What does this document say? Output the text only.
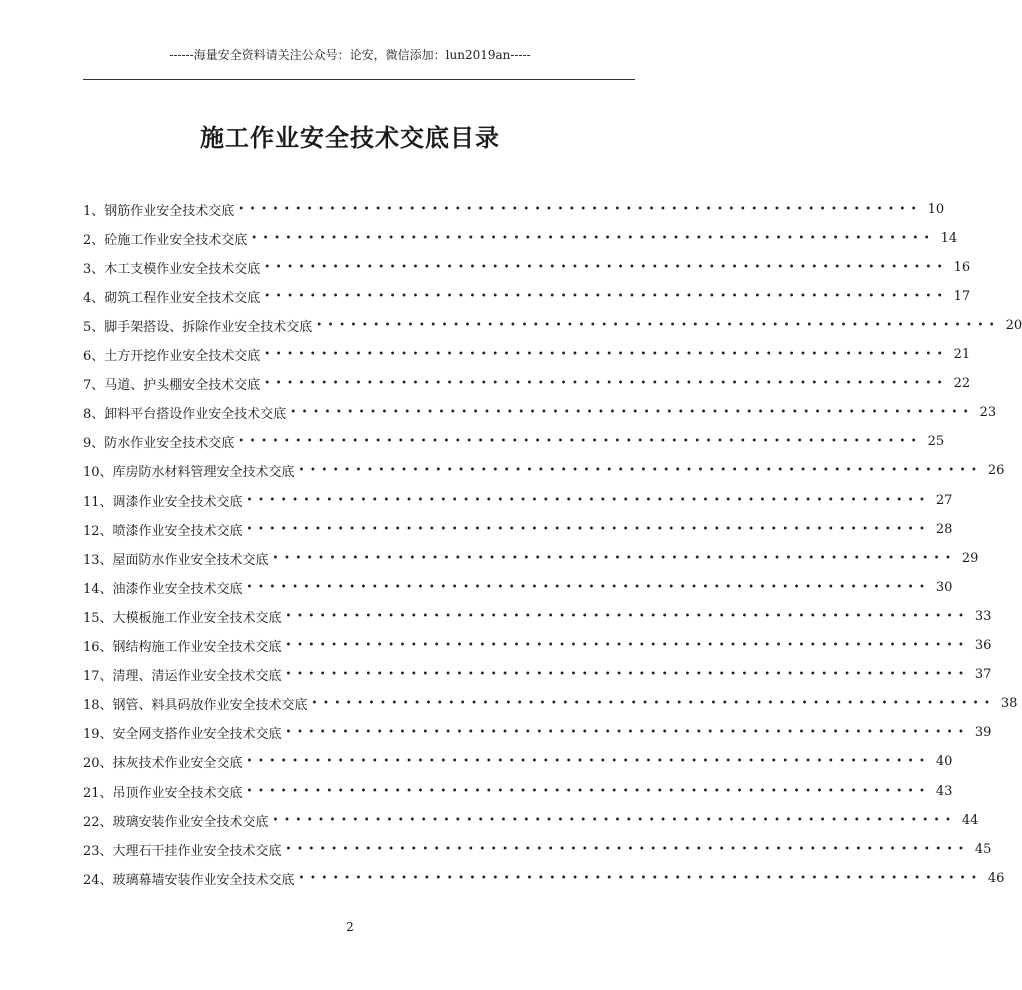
------海量安全资料请关注公众号：论安，微信添加：lun2019an-----
施工作业安全技术交底目录
1、钢筋作业安全技术交底 •••••••••••••••••••••••••••••••••••••••••••••••••••••••••••• 10
2、砼施工作业安全技术交底 •••••••••••••••••••••••••••••••••••••••••••••••••••••••••••• 14
3、木工支模作业安全技术交底 •••••••••••••••••••••••••••••••••••••••••••••••••••••••••••• 16
4、砌筑工程作业安全技术交底 •••••••••••••••••••••••••••••••••••••••••••••••••••••••••••• 17
5、脚手架搭设、拆除作业安全技术交底 •••••••••••••••••••••••••••••••••••••••••••••••••••••••••••• 20
6、土方开挖作业安全技术交底 •••••••••••••••••••••••••••••••••••••••••••••••••••••••••••• 21
7、马道、护头棚安全技术交底 •••••••••••••••••••••••••••••••••••••••••••••••••••••••••••• 22
8、卸料平台搭设作业安全技术交底 •••••••••••••••••••••••••••••••••••••••••••••••••••••••••••• 23
9、防水作业安全技术交底 •••••••••••••••••••••••••••••••••••••••••••••••••••••••••••• 25
10、库房防水材料管理安全技术交底 •••••••••••••••••••••••••••••••••••••••••••••••••••••••••••• 26
11、调漆作业安全技术交底 •••••••••••••••••••••••••••••••••••••••••••••••••••••••••••• 27
12、喷漆作业安全技术交底 •••••••••••••••••••••••••••••••••••••••••••••••••••••••••••• 28
13、屋面防水作业安全技术交底 •••••••••••••••••••••••••••••••••••••••••••••••••••••••••••• 29
14、油漆作业安全技术交底 •••••••••••••••••••••••••••••••••••••••••••••••••••••••••••• 30
15、大模板施工作业安全技术交底 •••••••••••••••••••••••••••••••••••••••••••••••••••••••••••• 33
16、钢结构施工作业安全技术交底 •••••••••••••••••••••••••••••••••••••••••••••••••••••••••••• 36
17、清理、清运作业安全技术交底 •••••••••••••••••••••••••••••••••••••••••••••••••••••••••••• 37
18、钢管、料具码放作业安全技术交底 •••••••••••••••••••••••••••••••••••••••••••••••••••••••••••• 38
19、安全网支搭作业安全技术交底 •••••••••••••••••••••••••••••••••••••••••••••••••••••••••••• 39
20、抹灰技术作业安全交底 •••••••••••••••••••••••••••••••••••••••••••••••••••••••••••• 40
21、吊顶作业安全技术交底 •••••••••••••••••••••••••••••••••••••••••••••••••••••••••••• 43
22、玻璃安装作业安全技术交底 •••••••••••••••••••••••••••••••••••••••••••••••••••••••••••• 44
23、大理石干挂作业安全技术交底 •••••••••••••••••••••••••••••••••••••••••••••••••••••••••••• 45
24、玻璃幕墙安装作业安全技术交底 •••••••••••••••••••••••••••••••••••••••••••••••••••••••••••• 46
2
